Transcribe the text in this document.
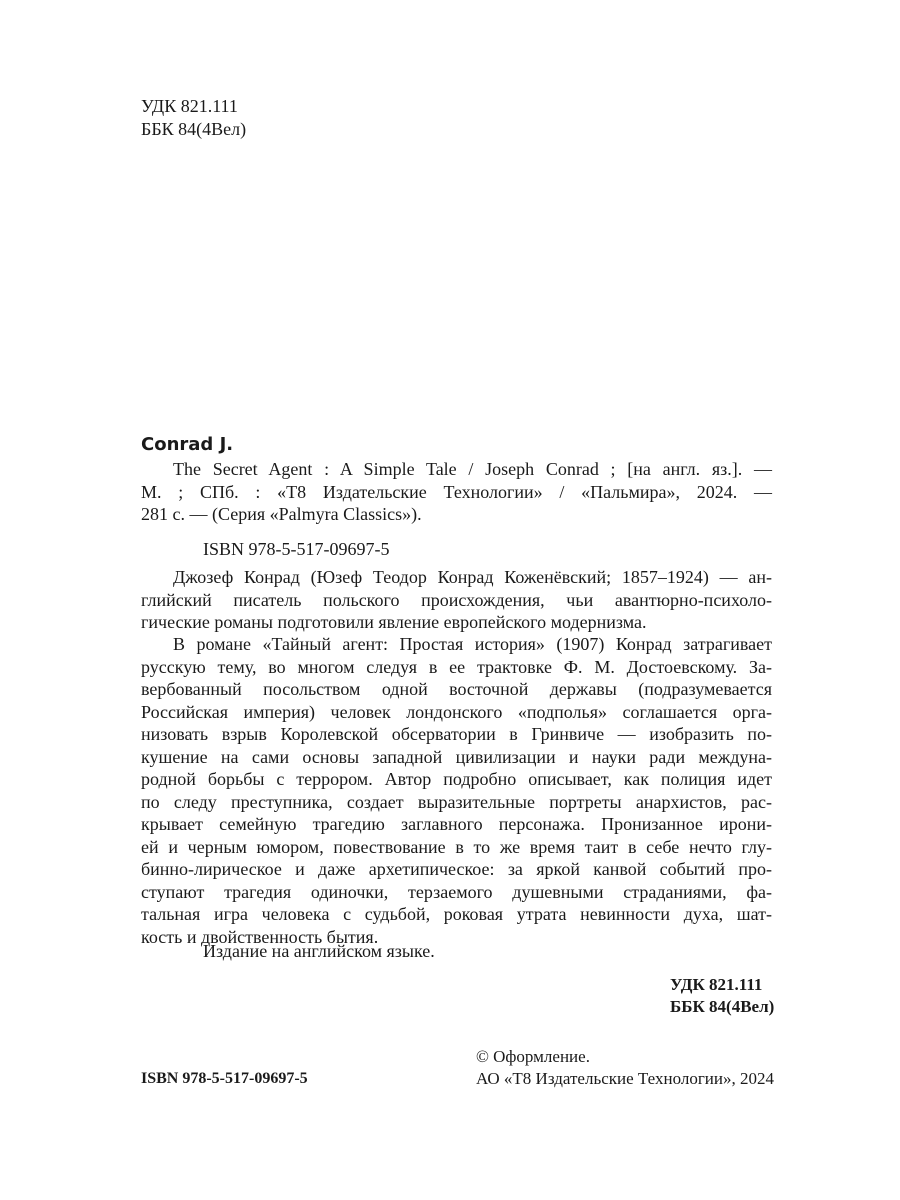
УДК 821.111
ББК 84(4Вел)
Conrad J.
The Secret Agent : A Simple Tale / Joseph Conrad ; [на англ. яз.]. —
М. ; СПб. : «Т8 Издательские Технологии» / «Пальмира», 2024. —
281 с. — (Серия «Palmyra Classics»).
ISBN 978-5-517-09697-5
Джозеф Конрад (Юзеф Теодор Конрад Коженёвский; 1857–1924) — ан-
глийский писатель польского происхождения, чьи авантюрно-психоло-
гические романы подготовили явление европейского модернизма.
В романе «Тайный агент: Простая история» (1907) Конрад затрагивает
русскую тему, во многом следуя в ее трактовке Ф. М. Достоевскому. За-
вербованный посольством одной восточной державы (подразумевается
Российская империя) человек лондонского «подполья» соглашается орга-
низовать взрыв Королевской обсерватории в Гринвиче — изобразить по-
кушение на сами основы западной цивилизации и науки ради междуна-
родной борьбы с террором. Автор подробно описывает, как полиция идет
по следу преступника, создает выразительные портреты анархистов, рас-
крывает семейную трагедию заглавного персонажа. Пронизанное ирони-
ей и черным юмором, повествование в то же время таит в себе нечто глу-
бинно-лирическое и даже архетипическое: за яркой канвой событий про-
ступают трагедия одиночки, терзаемого душевными страданиями, фа-
тальная игра человека с судьбой, роковая утрата невинности духа, шат-
кость и двойственность бытия.
Издание на английском языке.
УДК 821.111
ББК 84(4Вел)
© Оформление.
АО «Т8 Издательские Технологии», 2024
ISBN 978-5-517-09697-5
